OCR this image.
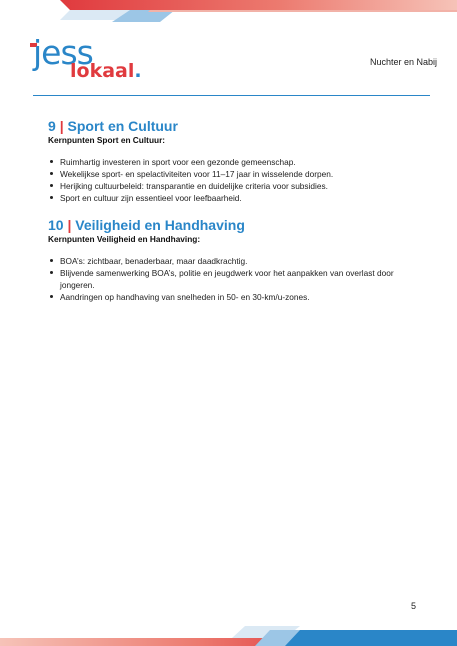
jess
lokaal.	Nuchter en Nabij
9 | Sport en Cultuur

Kernpunten Sport en Cultuur:

Ruimhartig investeren in sport voor een gezonde gemeenschap.
Wekelijkse sport- en spelactiviteiten voor 11–17 jaar in wisselende dorpen.
Herijking cultuurbeleid: transparantie en duidelijke criteria voor subsidies.
Sport en cultuur zijn essentieel voor leefbaarheid.
10 | Veiligheid en Handhaving

Kernpunten Veiligheid en Handhaving:

BOA’s: zichtbaar, benaderbaar, maar daadkrachtig.
Blijvende samenwerking BOA’s, politie en jeugdwerk voor het aanpakken van overlast door jongeren.
Aandringen op handhaving van snelheden in 50- en 30-km/u-zones.
5
